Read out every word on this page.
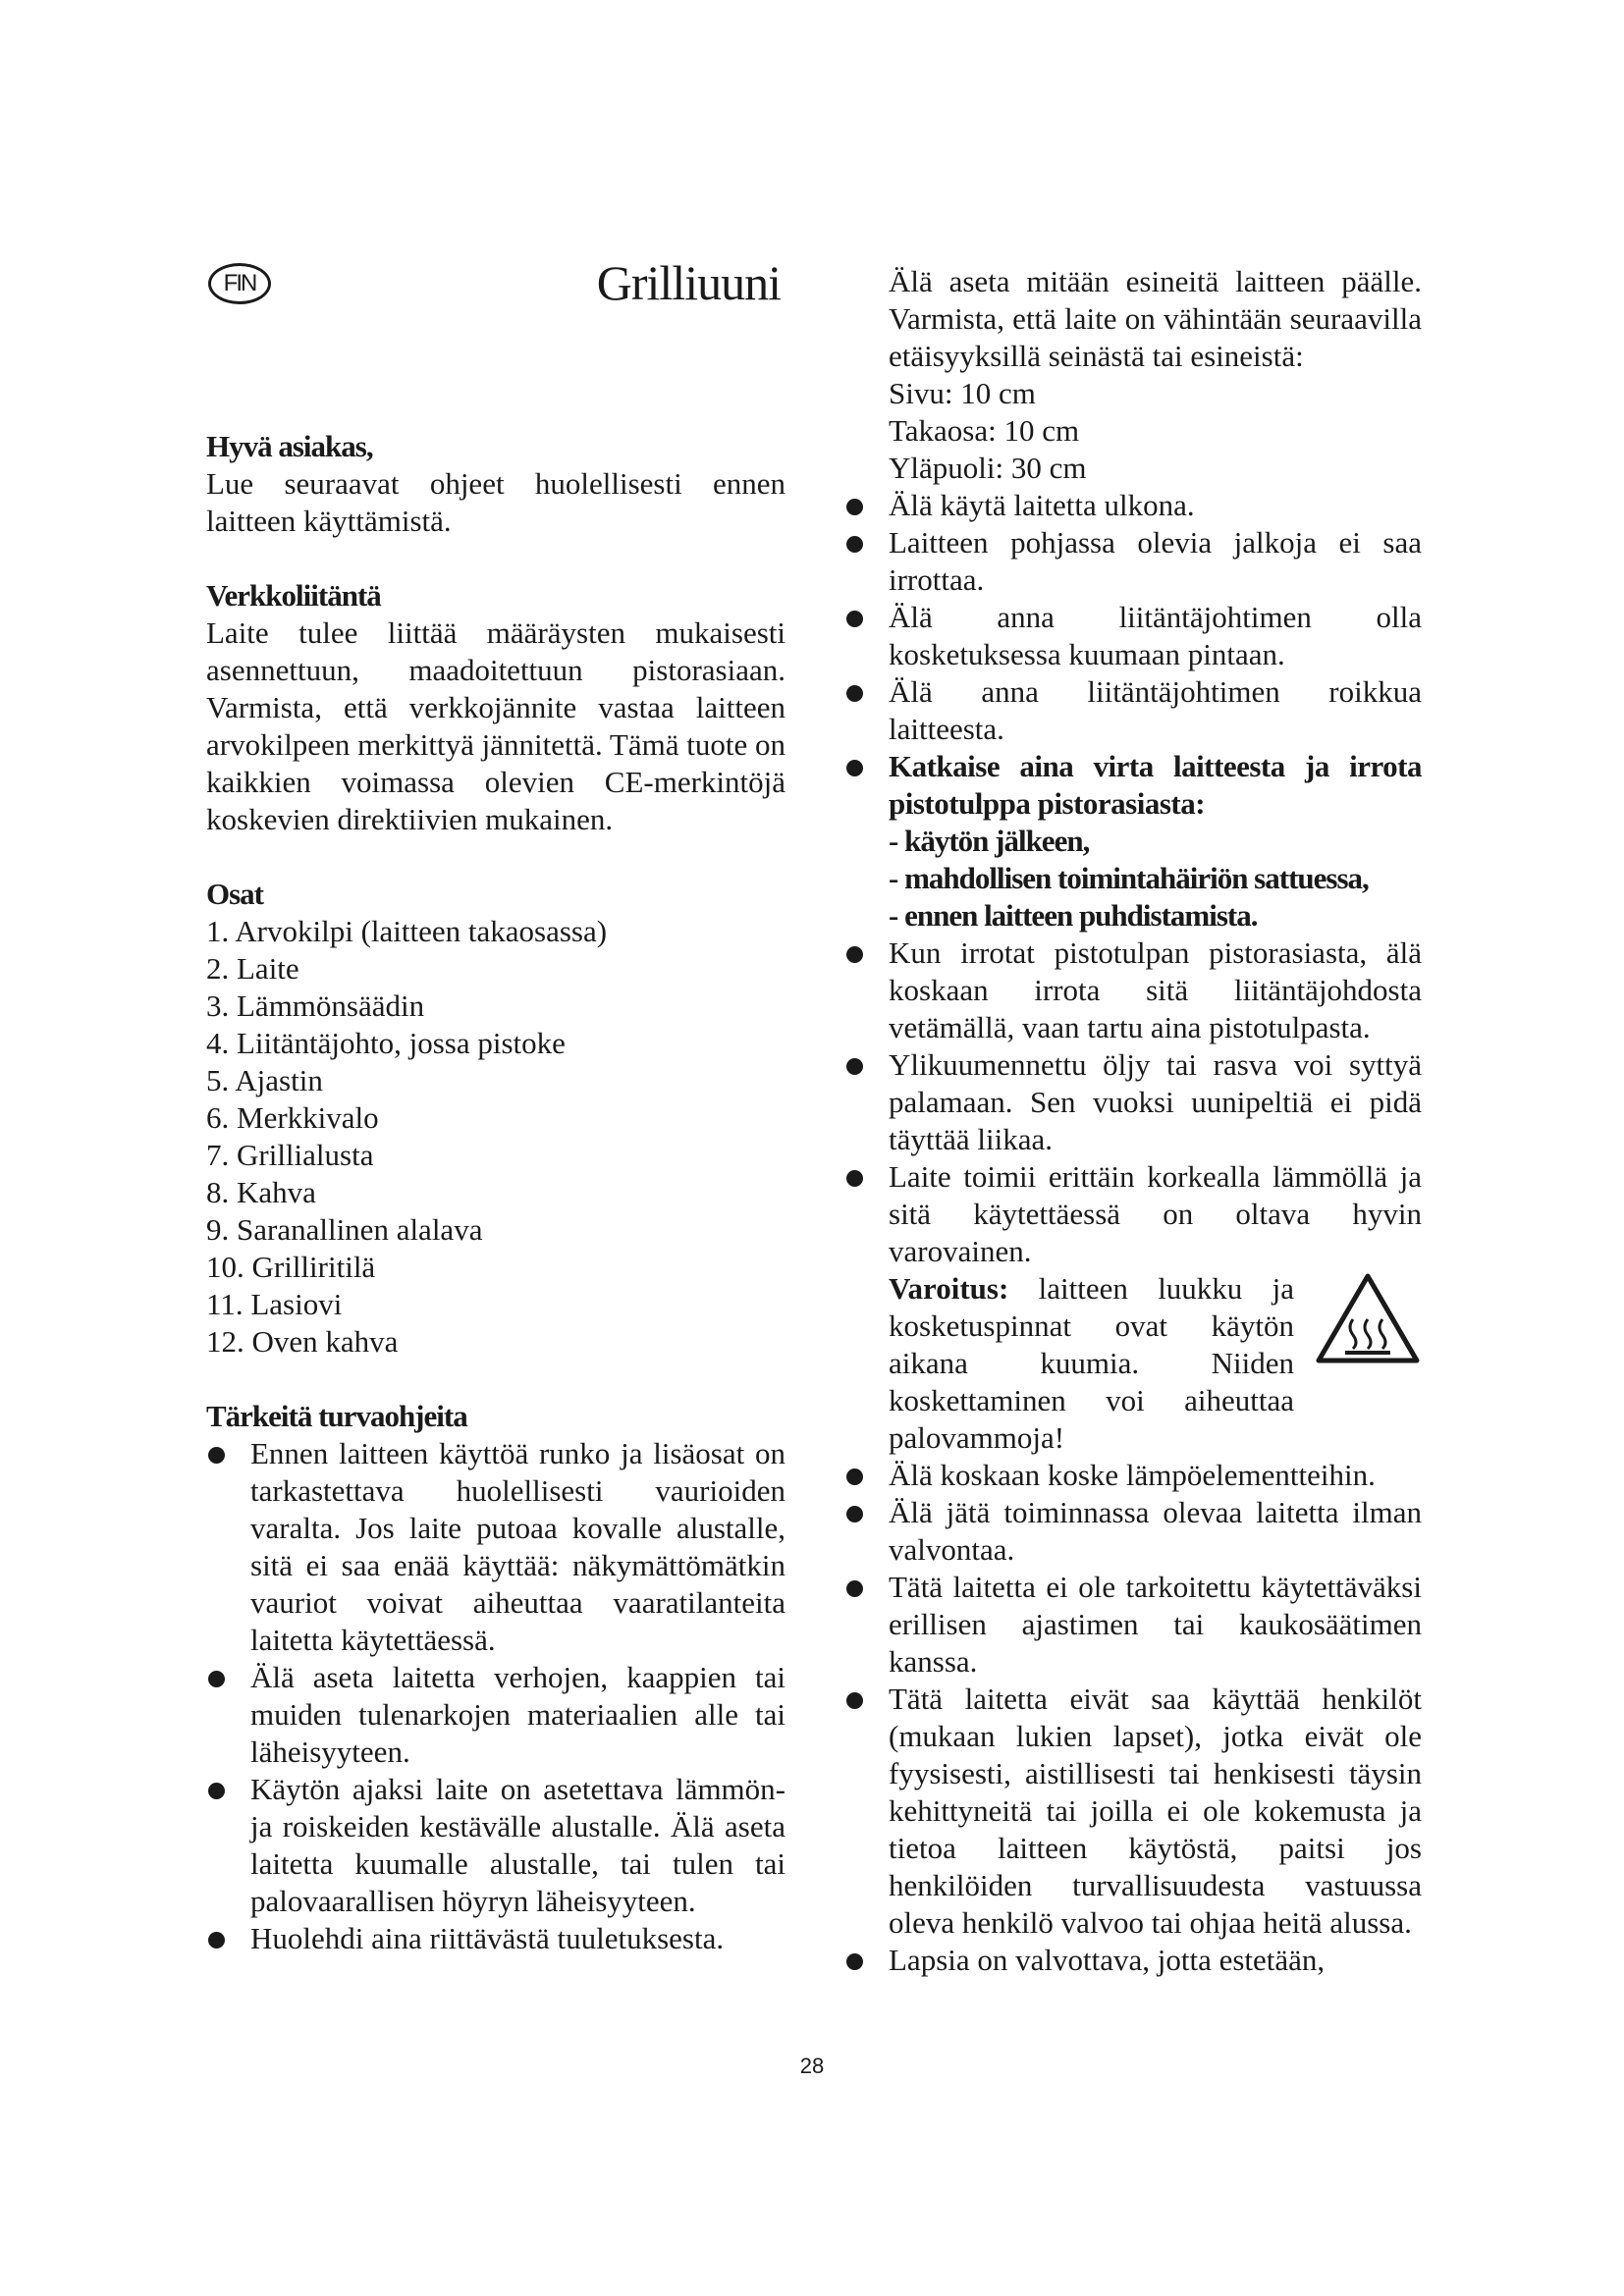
FIN	Grilliuuni

Hyvä asiakas,

Lue seuraavat ohjeet huolellisesti ennen laitteen käyttämistä.

Verkkoliitäntä

Laite tulee liittää määräysten mukaisesti asennettuun, maadoitettuun pistorasiaan. Varmista, että verkkojännite vastaa laitteen arvokilpeen merkittyä jännitettä. Tämä tuote on kaikkien voimassa olevien CE-merkintöjä koskevien direktiivien mukainen.

Osat

1. Arvokilpi (laitteen takaosassa)

2. Laite

3. Lämmönsäädin

4. Liitäntäjohto, jossa pistoke

5. Ajastin

6. Merkkivalo

7. Grillialusta

8. Kahva

9. Saranallinen alalava

10. Grilliritilä

11. Lasiovi

12. Oven kahva

Tärkeitä turvaohjeita

Ennen laitteen käyttöä runko ja lisäosat on tarkastettava huolellisesti vaurioiden varalta. Jos laite putoaa kovalle alustalle, sitä ei saa enää käyttää: näkymättömätkin vauriot voivat aiheuttaa vaaratilanteita laitetta käytettäessä.

Älä aseta laitetta verhojen, kaappien tai muiden tulenarkojen materiaalien alle tai läheisyyteen.

Käytön ajaksi laite on asetettava lämmön- ja roiskeiden kestävälle alustalle. Älä aseta laitetta kuumalle alustalle, tai tulen tai palovaarallisen höyryn läheisyyteen.

Huolehdi aina riittävästä tuuletuksesta.

Älä aseta mitään esineitä laitteen päälle. Varmista, että laite on vähintään seuraavilla etäisyyksillä seinästä tai esineistä:

Sivu: 10 cm

Takaosa: 10 cm

Yläpuoli: 30 cm

Älä käytä laitetta ulkona.

Laitteen pohjassa olevia jalkoja ei saa irrottaa.

Älä anna liitäntäjohtimen olla kosketuksessa kuumaan pintaan.

Älä anna liitäntäjohtimen roikkua laitteesta.

Katkaise aina virta laitteesta ja irrota pistotulppa pistorasiasta:

- käytön jälkeen,

- mahdollisen toimintahäiriön sattuessa,

- ennen laitteen puhdistamista.

Kun irrotat pistotulpan pistorasiasta, älä koskaan irrota sitä liitäntäjohdosta vetämällä, vaan tartu aina pistotulpasta.

Ylikuumennettu öljy tai rasva voi syttyä palamaan. Sen vuoksi uunipeltiä ei pidä täyttää liikaa.

Laite toimii erittäin korkealla lämmöllä ja sitä käytettäessä on oltava hyvin varovainen.

Varoitus: laitteen luukku ja kosketuspinnat ovat käytön aikana kuumia. Niiden koskettaminen voi aiheuttaa palovammoja!

Älä koskaan koske lämpöelementteihin.

Älä jätä toiminnassa olevaa laitetta ilman valvontaa.

Tätä laitetta ei ole tarkoitettu käytettäväksi erillisen ajastimen tai kaukosäätimen kanssa.

Tätä laitetta eivät saa käyttää henkilöt (mukaan lukien lapset), jotka eivät ole fyysisesti, aistillisesti tai henkisesti täysin kehittyneitä tai joilla ei ole kokemusta ja tietoa laitteen käytöstä, paitsi jos henkilöiden turvallisuudesta vastuussa oleva henkilö valvoo tai ohjaa heitä alussa.

Lapsia on valvottava, jotta estetään,

28
